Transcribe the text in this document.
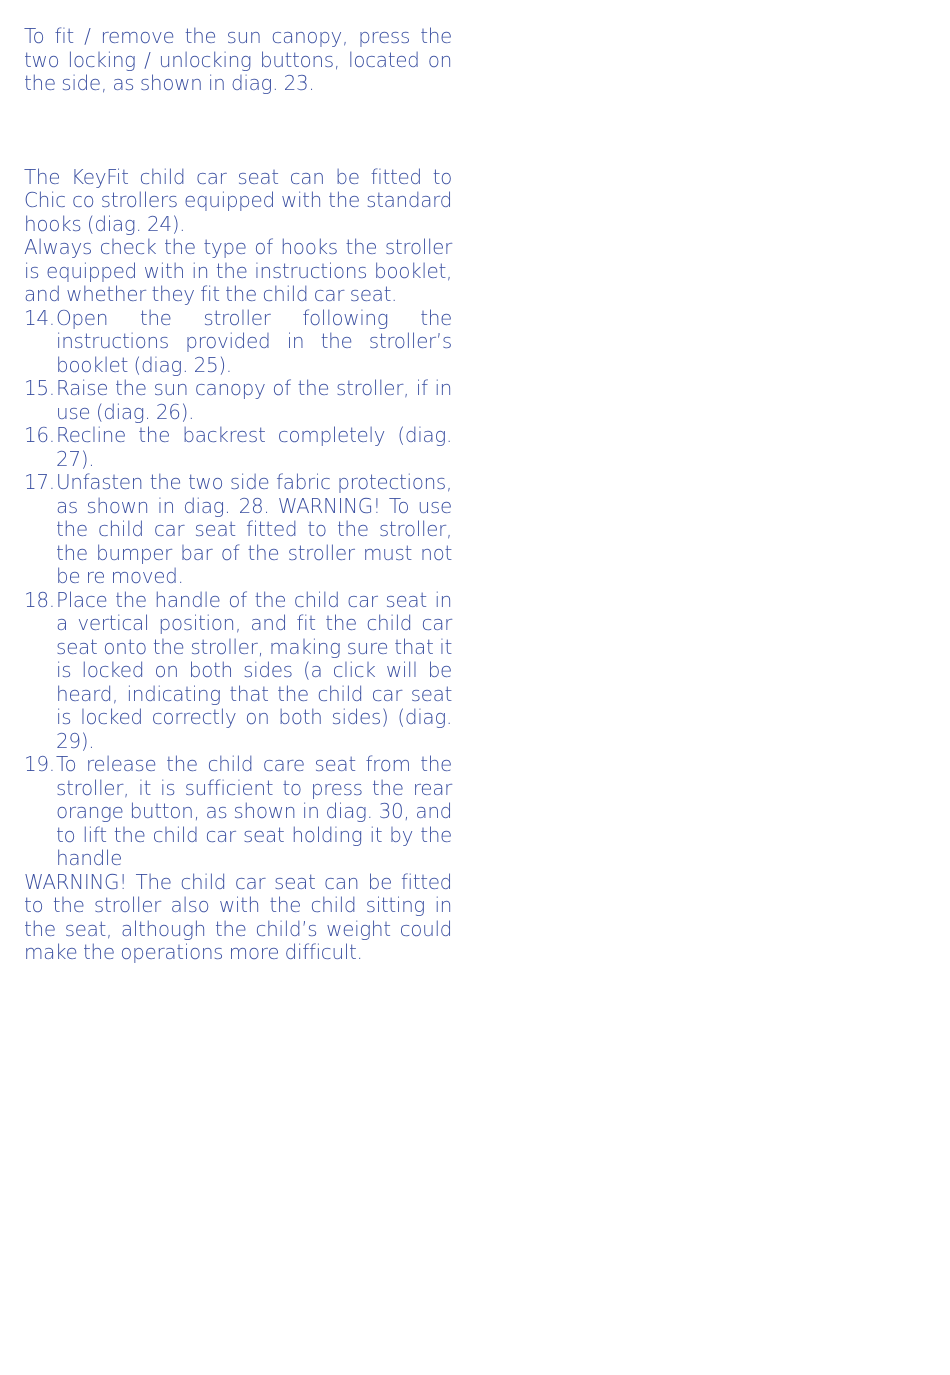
To fit / remove the sun canopy, press the two locking / unlocking buttons, located on the side, as shown in diag. 23.

The KeyFit child car seat can be fitted to Chic co strollers equipped with the standard hooks (diag. 24).

Always check the type of hooks the stroller is equipped with in the instructions booklet, and whether they fit the child car seat.

14. Open the stroller following the instructions provided in the stroller’s booklet (diag. 25).
15. Raise the sun canopy of the stroller, if in use (diag. 26).
16. Recline the backrest completely (diag. 27).
17. Unfasten the two side fabric protections, as shown in diag. 28. WARNING! To use the child car seat fitted to the stroller, the bumper bar of the stroller must not be re moved.
18. Place the handle of the child car seat in a vertical position, and fit the child car seat onto the stroller, making sure that it is locked on both sides (a click will be heard, indicating that the child car seat is locked correctly on both sides) (diag. 29).
19. To release the child care seat from the stroller, it is sufficient to press the rear orange button, as shown in diag. 30, and to lift the child car seat holding it by the handle

WARNING! The child car seat can be fitted to the stroller also with the child sitting in the seat, although the child’s weight could make the operations more difficult.
